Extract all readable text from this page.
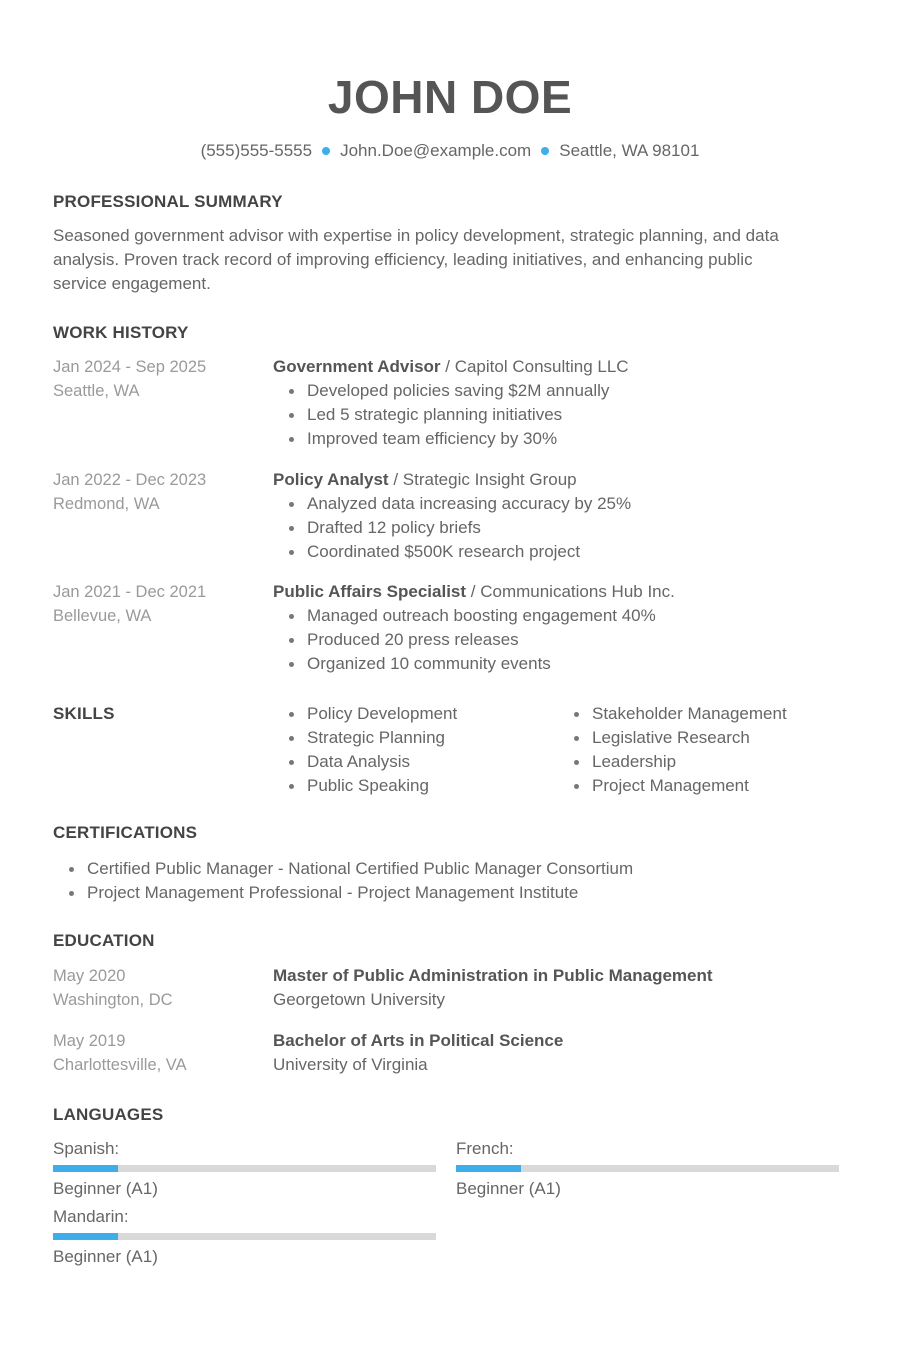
JOHN DOE
(555)555-5555 John.Doe@example.com Seattle, WA 98101
PROFESSIONAL SUMMARY
Seasoned government advisor with expertise in policy development, strategic planning, and data
analysis. Proven track record of improving efficiency, leading initiatives, and enhancing public
service engagement.
WORK HISTORY
Jan 2024 - Sep 2025
Seattle, WA
Government Advisor / Capitol Consulting LLC
Developed policies saving $2M annually
Led 5 strategic planning initiatives
Improved team efficiency by 30%
Jan 2022 - Dec 2023
Redmond, WA
Policy Analyst / Strategic Insight Group
Analyzed data increasing accuracy by 25%
Drafted 12 policy briefs
Coordinated $500K research project
Jan 2021 - Dec 2021
Bellevue, WA
Public Affairs Specialist / Communications Hub Inc.
Managed outreach boosting engagement 40%
Produced 20 press releases
Organized 10 community events
SKILLS	Policy Development
Strategic Planning
Data Analysis
Public Speaking
Stakeholder Management
Legislative Research
Leadership
Project Management
CERTIFICATIONS
Certified Public Manager - National Certified Public Manager Consortium
Project Management Professional - Project Management Institute
EDUCATION
May 2020
Washington, DC
Master of Public Administration in Public Management
Georgetown University
May 2019
Charlottesville, VA
Bachelor of Arts in Political Science
University of Virginia
LANGUAGES
Spanish:
Beginner (A1)
French:
Beginner (A1)
Mandarin:
Beginner (A1)
